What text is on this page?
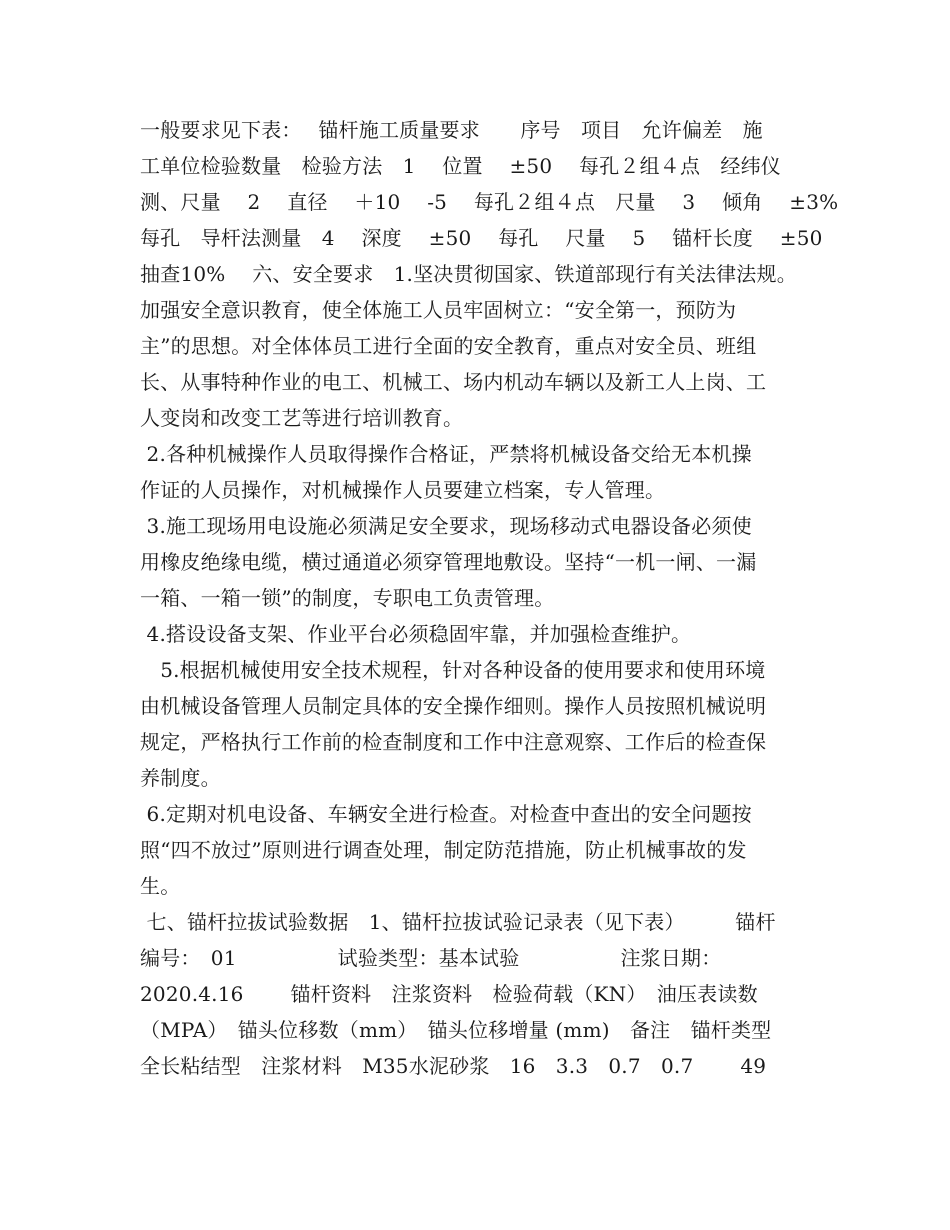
一般要求见下表：　 锚杆施工质量要求　　序号　项目　允许偏差　施
工单位检验数量　检验方法　1　 位置　 ±50　 每孔２组４点　经纬仪
测、尺量　 2 　直径　 ＋10　 -5 　每孔２组４点　尺量　 3 　倾角　 ±3%
每孔　导杆法测量　4 　深度　 ±50　 每孔　 尺量　 5 　锚杆长度　 ±50
抽查10%　 六、安全要求　1.坚决贯彻国家、铁道部现行有关法律法规。
加强安全意识教育，使全体施工人员牢固树立：“安全第一，预防为
主”的思想。对全体体员工进行全面的安全教育，重点对安全员、班组
长、从事特种作业的电工、机械工、场内机动车辆以及新工人上岗、工
人变岗和改变工艺等进行培训教育。
2.各种机械操作人员取得操作合格证，严禁将机械设备交给无本机操
作证的人员操作，对机械操作人员要建立档案，专人管理。
3.施工现场用电设施必须满足安全要求，现场移动式电器设备必须使
用橡皮绝缘电缆，横过通道必须穿管理地敷设。坚持“一机一闸、一漏
一箱、一箱一锁”的制度，专职电工负责管理。
4.搭设设备支架、作业平台必须稳固牢靠，并加强检查维护。
　5.根据机械使用安全技术规程，针对各种设备的使用要求和使用环境
由机械设备管理人员制定具体的安全操作细则。操作人员按照机械说明
规定，严格执行工作前的检查制度和工作中注意观察、工作后的检查保
养制度。
6.定期对机电设备、车辆安全进行检查。对检查中查出的安全问题按
照“四不放过”原则进行调查处理，制定防范措施，防止机械事故的发
生。
七、锚杆拉拔试验数据　1、锚杆拉拔试验记录表（见下表）　　　锚杆
编号：　01　　　　　试验类型：基本试验　　　　　注浆日期：
2020.4.16　　 锚杆资料　注浆资料　检验荷载（KN）　油压表读数
（MPA）　锚头位移数（mm）　锚头位移增量 (mm)　备注　锚杆类型
全长粘结型　注浆材料　M35水泥砂浆　16　3.3　0.7　0.7　　 49
